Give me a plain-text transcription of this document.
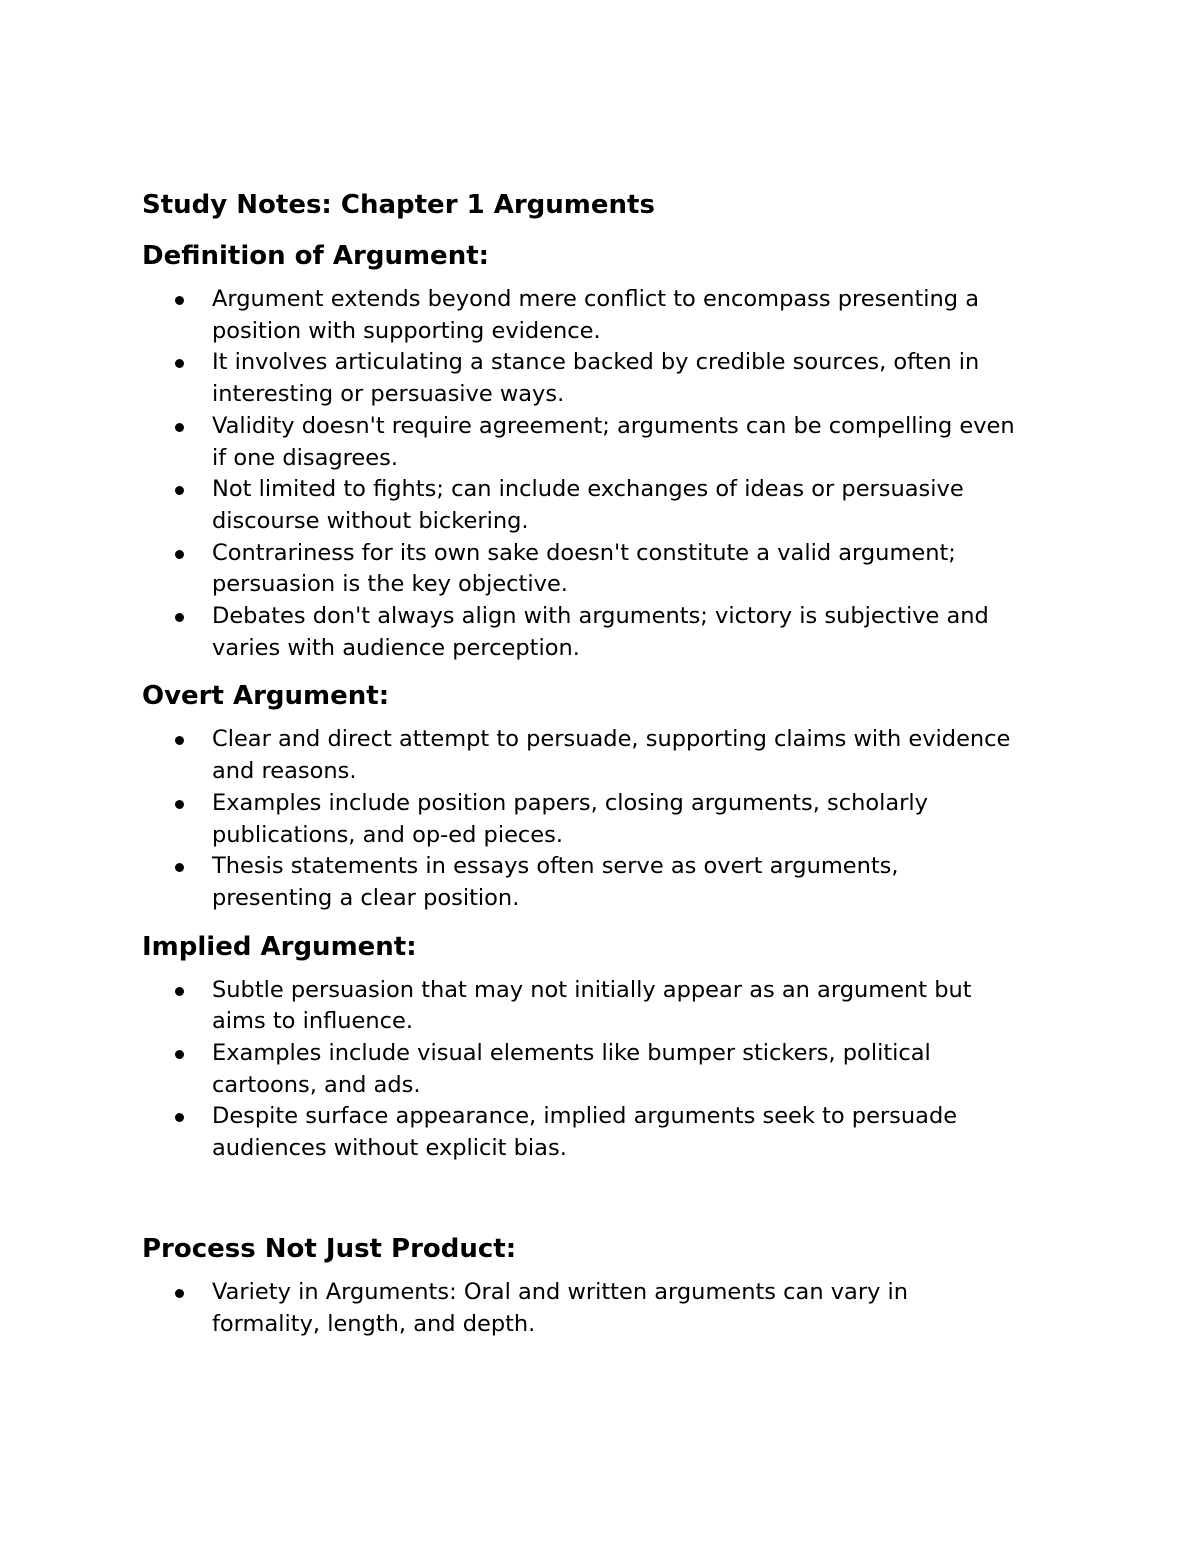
Study Notes: Chapter 1 Arguments
Definition of Argument:
Argument extends beyond mere conflict to encompass presenting a
position with supporting evidence.
It involves articulating a stance backed by credible sources, often in
interesting or persuasive ways.
Validity doesn't require agreement; arguments can be compelling even
if one disagrees.
Not limited to fights; can include exchanges of ideas or persuasive
discourse without bickering.
Contrariness for its own sake doesn't constitute a valid argument;
persuasion is the key objective.
Debates don't always align with arguments; victory is subjective and
varies with audience perception.
Overt Argument:
Clear and direct attempt to persuade, supporting claims with evidence
and reasons.
Examples include position papers, closing arguments, scholarly
publications, and op-ed pieces.
Thesis statements in essays often serve as overt arguments,
presenting a clear position.
Implied Argument:
Subtle persuasion that may not initially appear as an argument but
aims to influence.
Examples include visual elements like bumper stickers, political
cartoons, and ads.
Despite surface appearance, implied arguments seek to persuade
audiences without explicit bias.
Process Not Just Product:
Variety in Arguments: Oral and written arguments can vary in
formality, length, and depth.
